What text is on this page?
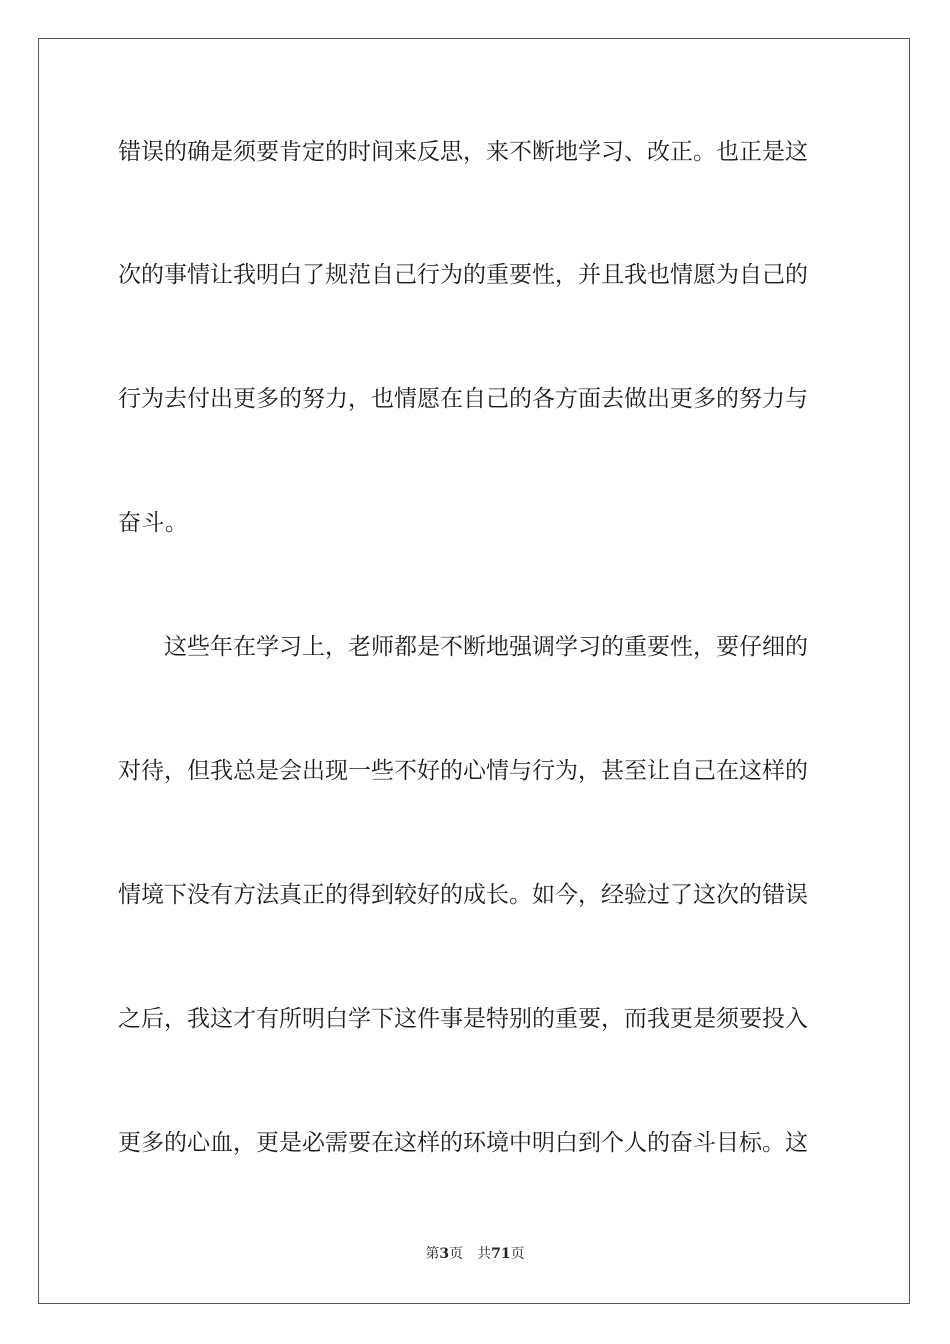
错误的确是须要肯定的时间来反思，来不断地学习、改正。也正是这
次的事情让我明白了规范自己行为的重要性，并且我也情愿为自己的
行为去付出更多的努力，也情愿在自己的各方面去做出更多的努力与
奋斗。
　　这些年在学习上，老师都是不断地强调学习的重要性，要仔细的
对待，但我总是会出现一些不好的心情与行为，甚至让自己在这样的
情境下没有方法真正的得到较好的成长。如今，经验过了这次的错误
之后，我这才有所明白学下这件事是特别的重要，而我更是须要投入
更多的心血，更是必需要在这样的环境中明白到个人的奋斗目标。这
第3页 共71页
